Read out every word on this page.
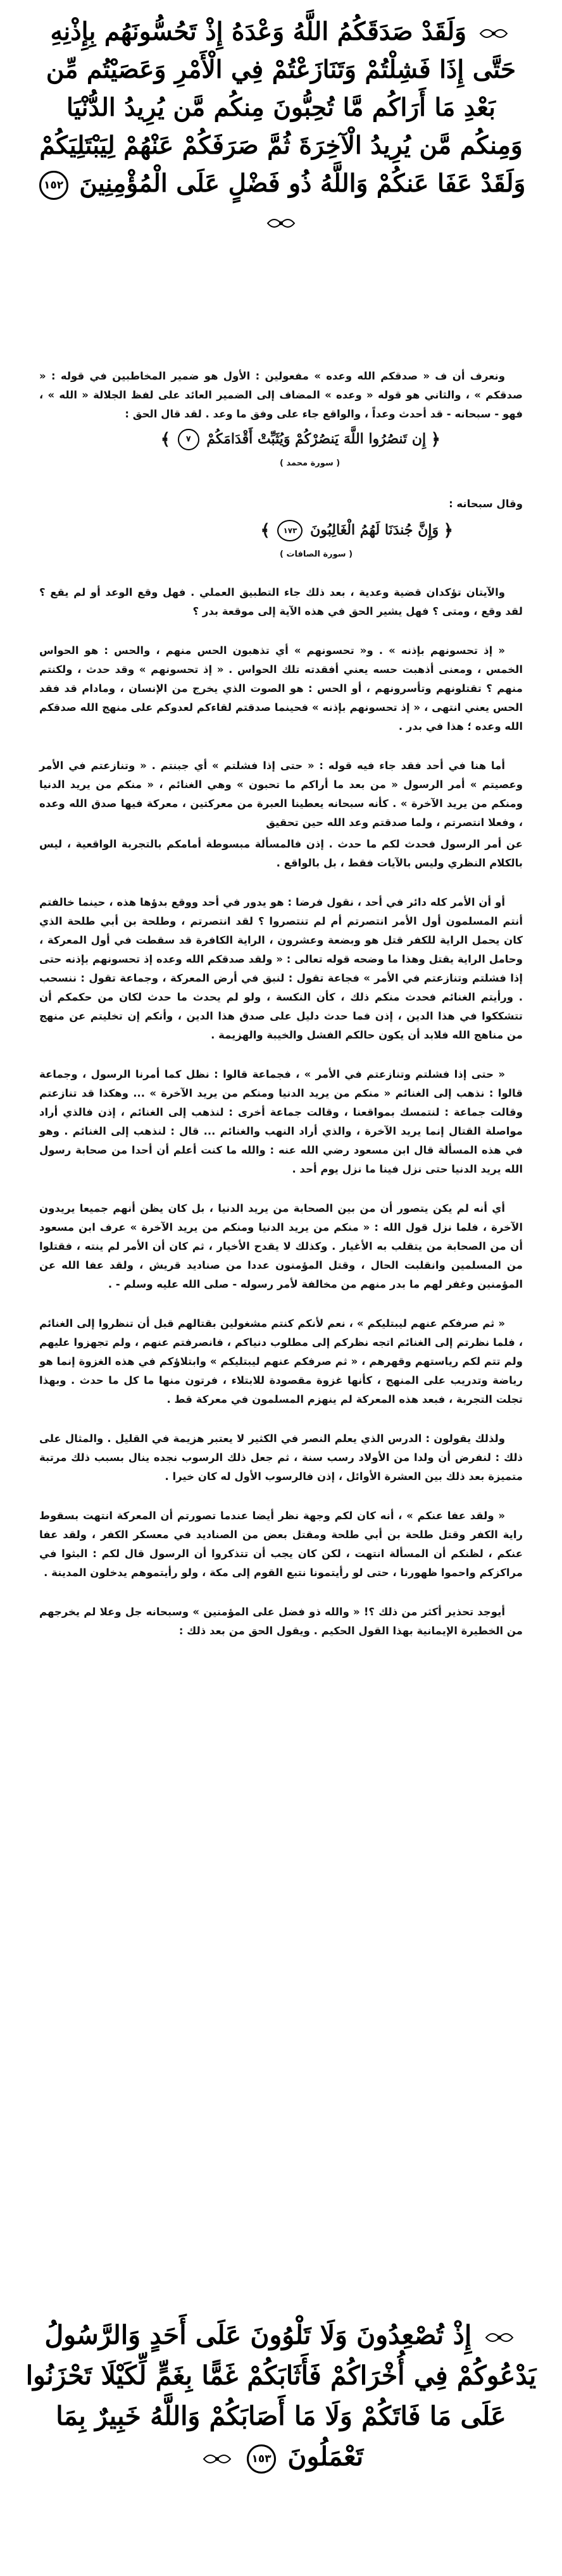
وَلَقَدْ صَدَقَكُمُ اللَّهُ وَعْدَهُ إِذْ تَحُسُّونَهُم بِإِذْنِهِ حَتَّى إِذَا فَشِلْتُمْ وَتَنَازَعْتُمْ فِي الْأَمْرِ وَعَصَيْتُم مِّن بَعْدِ مَا أَرَاكُم مَّا تُحِبُّونَ مِنكُم مَّن يُرِيدُ الدُّنْيَا وَمِنكُم مَّن يُرِيدُ الْآخِرَةَ ثُمَّ صَرَفَكُمْ عَنْهُمْ لِيَبْتَلِيَكُمْ وَلَقَدْ عَفَا عَنكُمْ وَاللَّهُ ذُو فَضْلٍ عَلَى الْمُؤْمِنِينَ ١٥٢

ونعرف أن ف « صدقكم الله وعده » مفعولين : الأول هو ضمير المخاطبين في قوله : « صدقكم » ، والثاني هو قوله « وعده » المضاف إلى الضمير العائد على لفظ الجلالة « الله » ، فهو - سبحانه - قد أحدث وعداً ، والواقع جاء على وفق ما وعد . لقد قال الحق :

﴿ إِن تَنصُرُوا اللَّهَ يَنصُرْكُمْ وَيُثَبِّتْ أَقْدَامَكُمْ ٧ ﴾
( سورة محمد )

وقال سبحانه :

﴿ وَإِنَّ جُندَنَا لَهُمُ الْغَالِبُونَ ١٧٣ ﴾
( سورة الصافات )

والآيتان تؤكدان قضية وعدية ، بعد ذلك جاء التطبيق العملي . فهل وقع الوعد أو لم يقع ؟ لقد وقع ، ومتى ؟ فهل يشير الحق في هذه الآية إلى موقعة بدر ؟

« إذ تحسونهم بإذنه » . و« تحسونهم » أي تذهبون الحس منهم ، والحس : هو الحواس الخمس ، ومعنى أذهبت حسه يعني أفقدته تلك الحواس . « إذ تحسونهم » وقد حدث ، ولكنتم منهم ؟ تقتلونهم وتأسرونهم ، أو الحس : هو الصوت الذي يخرج من الإنسان ، ومادام قد فقد الحس يعني انتهى ، « إذ تحسونهم بإذنه » فحينما صدقتم لقاءكم لعدوكم على منهج الله صدقكم الله وعده ؛ هذا في بدر .

أما هنا في أحد فقد جاء فيه قوله : « حتى إذا فشلتم » أي جبنتم . « وتنازعتم في الأمر وعصيتم » أمر الرسول « من بعد ما أراكم ما تحبون » وهي الغنائم ، « منكم من يريد الدنيا ومنكم من يريد الآخرة » . كأنه سبحانه يعطينا العبرة من معركتين ، معركة فيها صدق الله وعده ، وفعلا انتصرتم ، ولما صدقتم وعد الله حين تحقيق

عن أمر الرسول فحدث لكم ما حدث . إذن فالمسألة مبسوطة أمامكم بالتجربة الواقعية ، ليس بالكلام النظري وليس بالآيات فقط ، بل بالواقع .

أو أن الأمر كله دائر في أحد ، نقول فرضا : هو يدور في أحد ووقع بدؤها هذه ، حينما خالفتم أنتم المسلمون أول الأمر انتصرتم أم لم تنتصروا ؟ لقد انتصرتم ، وطلحة بن أبي طلحة الذي كان يحمل الراية للكفر قتل هو وبضعة وعشرون ، الراية الكافرة قد سقطت في أول المعركة ، وحامل الراية يقتل وهذا ما وضحه قوله تعالى : « ولقد صدقكم الله وعده إذ تحسونهم بإذنه حتى إذا فشلتم وتنازعتم في الأمر » فجاعة تقول : لنبق في أرض المعركة ، وجماعة تقول : ننسحب . ورأيتم الغنائم فحدث منكم ذلك ، كأن النكسة ، ولو لم يحدث ما حدث لكان من حكمكم أن تتشككوا في هذا الدين ، إذن فما حدث دليل على صدق هذا الدين ، وأنكم إن تخليتم عن منهج من مناهج الله فلابد أن يكون حالكم الفشل والخيبة والهزيمة .

« حتى إذا فشلتم وتنازعتم في الأمر » ، فجماعة قالوا : نظل كما أمرنا الرسول ، وجماعة قالوا : نذهب إلى الغنائم « منكم من يريد الدنيا ومنكم من يريد الآخرة » ... وهكذا قد تنازعتم وقالت جماعة : لنتمسك بمواقعنا ، وقالت جماعة أخرى : لنذهب إلى الغنائم ، إذن فالذي أراد مواصلة القتال إنما يريد الآخرة ، والذي أراد النهب والغنائم ... قال : لنذهب إلى الغنائم . وهو في هذه المسألة قال ابن مسعود رضي الله عنه : والله ما كنت أعلم أن أحدا من صحابة رسول الله يريد الدنيا حتى نزل فينا ما نزل يوم أحد .

أي أنه لم يكن يتصور أن من بين الصحابة من يريد الدنيا ، بل كان يظن أنهم جميعا يريدون الآخرة ، فلما نزل قول الله : « منكم من يريد الدنيا ومنكم من يريد الآخرة » عرف ابن مسعود أن من الصحابة من يتقلب به الأغيار . وكذلك لا يقدح الأخيار ، ثم كان أن الأمر لم ينته ، فقتلوا من المسلمين وانقلبت الحال ، وقتل المؤمنون عددا من صناديد قريش ، ولقد عفا الله عن المؤمنين وغفر لهم ما بدر منهم من مخالفة لأمر رسوله - صلى الله عليه وسلم - .

« ثم صرفكم عنهم ليبتليكم » ، نعم لأنكم كنتم مشغولين بقتالهم قبل أن تنظروا إلى الغنائم ، فلما نظرتم إلى الغنائم اتجه نظركم إلى مطلوب دنياكم ، فانصرفتم عنهم ، ولم تجهزوا عليهم ولم تتم لكم رياستهم وقهرهم ، « ثم صرفكم عنهم ليبتليكم » وابتلاؤكم في هذه الغزوة إنما هو رياضة وتدريب على المنهج ، كأنها غزوة مقصودة للابتلاء ، فرتون منها ما كل ما حدث . وبهذا تجلت التجربة ، فبعد هذه المعركة لم ينهزم المسلمون في معركة قط .

ولذلك يقولون : الدرس الذي يعلم النصر في الكثير لا يعتبر هزيمة في القليل . والمثال على ذلك : لنفرض أن ولدا من الأولاد رسب سنة ، ثم جعل ذلك الرسوب نجده ينال بسبب ذلك مرتبة متميزة بعد ذلك بين العشرة الأوائل ، إذن فالرسوب الأول له كان خيرا .

« ولقد عفا عنكم » ، أنه كان لكم وجهة نظر أيضا عندما تصورتم أن المعركة انتهت بسقوط راية الكفر وقتل طلحة بن أبي طلحة ومقتل بعض من الصناديد في معسكر الكفر ، ولقد عفا عنكم ، لظنكم أن المسألة انتهت ، لكن كان يجب أن تتذكروا أن الرسول قال لكم : البثوا في مراكزكم واحموا ظهورنا ، حتى لو رأيتمونا نتبع القوم إلى مكة ، ولو رأيتموهم يدخلون المدينة .

أيوجد تحذير أكثر من ذلك ؟! « والله ذو فضل على المؤمنين » وسبحانه جل وعلا لم يخرجهم من الخطيرة الإيمانية بهذا القول الحكيم . ويقول الحق من بعد ذلك :

إِذْ تُصْعِدُونَ وَلَا تَلْوُونَ عَلَى أَحَدٍ وَالرَّسُولُ يَدْعُوكُمْ فِي أُخْرَاكُمْ فَأَثَابَكُمْ غَمًّا بِغَمٍّ لِّكَيْلَا تَحْزَنُوا عَلَى مَا فَاتَكُمْ وَلَا مَا أَصَابَكُمْ وَاللَّهُ خَبِيرٌ بِمَا تَعْمَلُونَ ١٥٣
